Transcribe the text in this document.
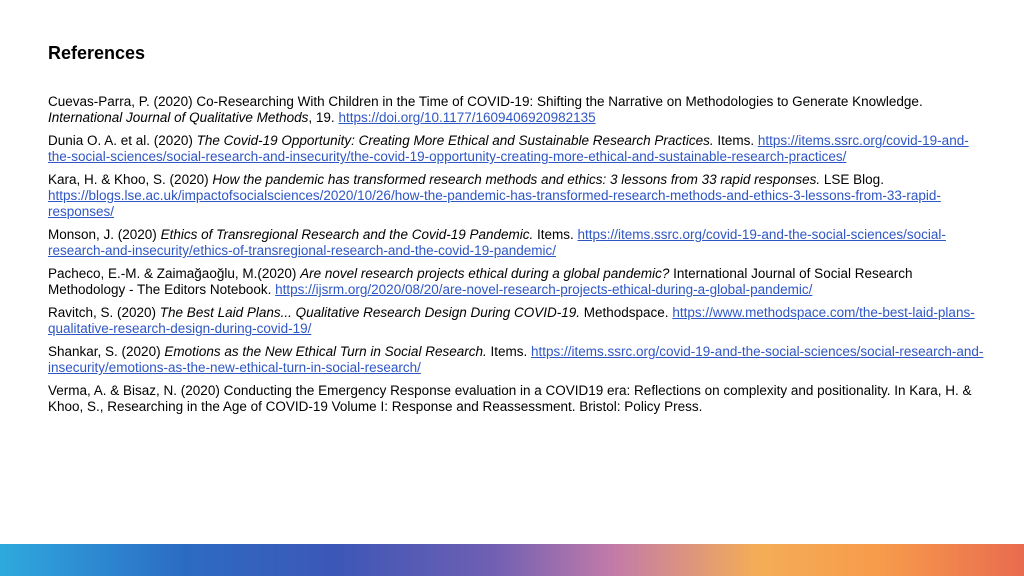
References

Cuevas-Parra, P. (2020) Co-Researching With Children in the Time of COVID-19: Shifting the Narrative on Methodologies to Generate Knowledge. International Journal of Qualitative Methods, 19. https://doi.org/10.1177/1609406920982135

Dunia O. A. et al. (2020) The Covid-19 Opportunity: Creating More Ethical and Sustainable Research Practices. Items. https://items.ssrc.org/covid-19-and-the-social-sciences/social-research-and-insecurity/the-covid-19-opportunity-creating-more-ethical-and-sustainable-research-practices/

Kara, H. & Khoo, S. (2020) How the pandemic has transformed research methods and ethics: 3 lessons from 33 rapid responses. LSE Blog. https://blogs.lse.ac.uk/impactofsocialsciences/2020/10/26/how-the-pandemic-has-transformed-research-methods-and-ethics-3-lessons-from-33-rapid-responses/

Monson, J. (2020) Ethics of Transregional Research and the Covid-19 Pandemic. Items. https://items.ssrc.org/covid-19-and-the-social-sciences/social-research-and-insecurity/ethics-of-transregional-research-and-the-covid-19-pandemic/

Pacheco, E.-M. & Zaimağaoğlu, M.(2020) Are novel research projects ethical during a global pandemic? International Journal of Social Research Methodology - The Editors Notebook. https://ijsrm.org/2020/08/20/are-novel-research-projects-ethical-during-a-global-pandemic/

Ravitch, S. (2020) The Best Laid Plans... Qualitative Research Design During COVID-19. Methodspace. https://www.methodspace.com/the-best-laid-plans-qualitative-research-design-during-covid-19/

Shankar, S. (2020) Emotions as the New Ethical Turn in Social Research. Items. https://items.ssrc.org/covid-19-and-the-social-sciences/social-research-and-insecurity/emotions-as-the-new-ethical-turn-in-social-research/

Verma, A. & Bisaz, N. (2020) Conducting the Emergency Response evaluation in a COVID19 era: Reflections on complexity and positionality. In Kara, H. & Khoo, S., Researching in the Age of COVID-19 Volume I: Response and Reassessment. Bristol: Policy Press.
